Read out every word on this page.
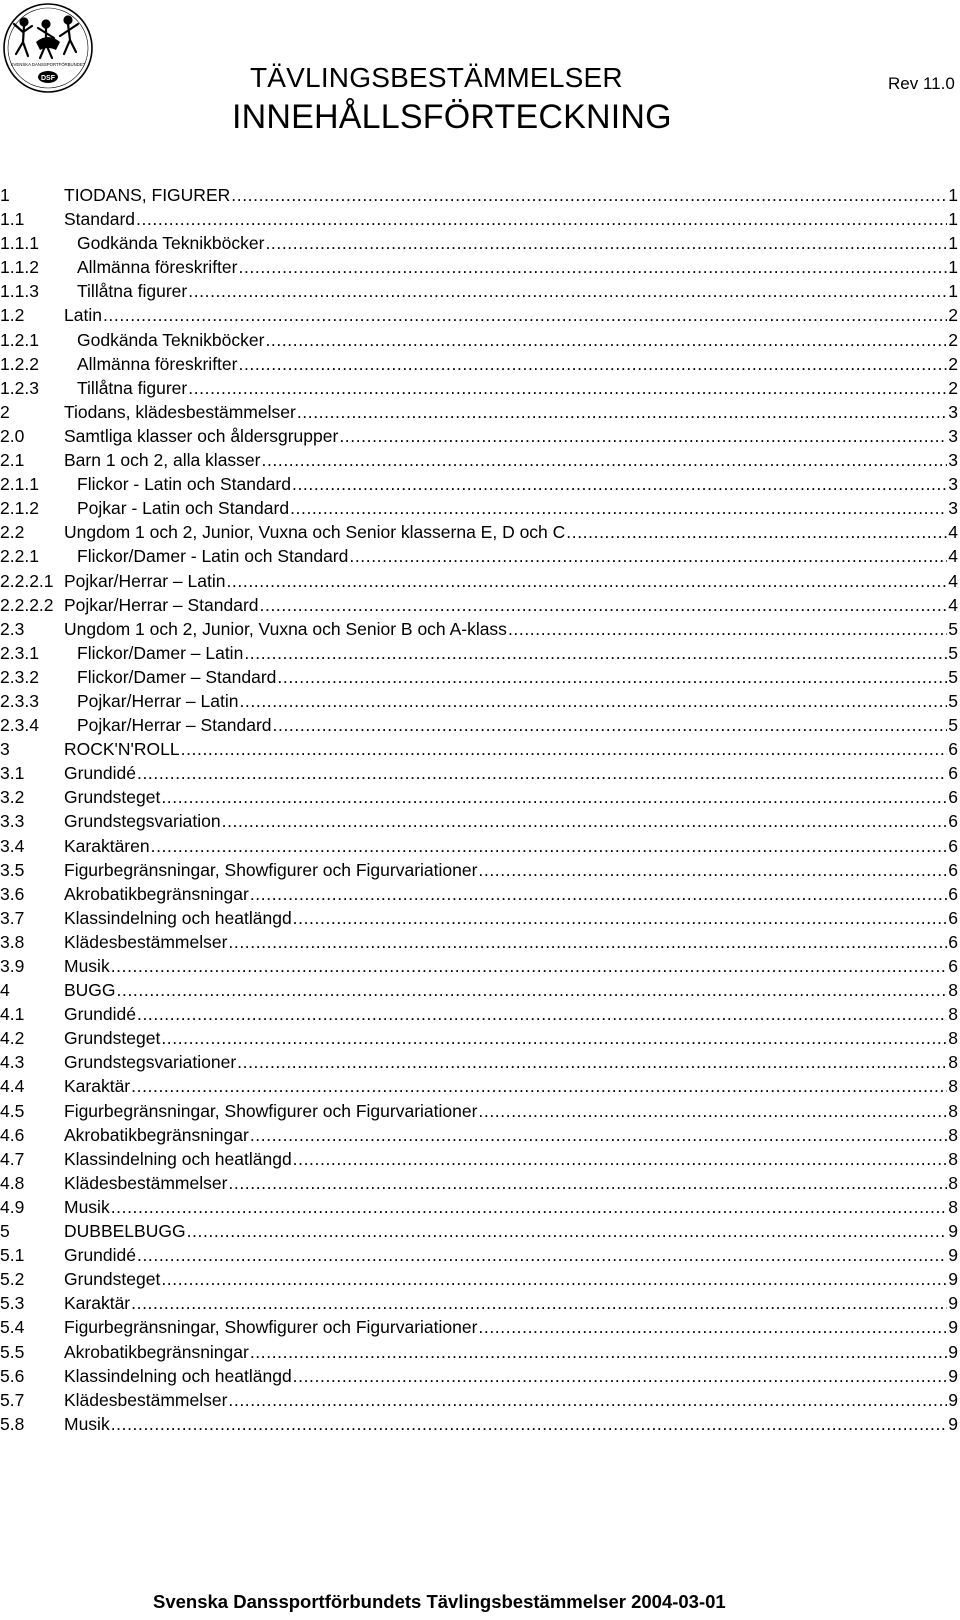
SVENSKA DANSSPORTFÖRBUNDET
DSF	TÄVLINGSBESTÄMMELSER	Rev 11.0
INNEHÅLLSFÖRTECKNING
1	TIODANS, FIGURER .....	1
1.1	Standard .....	1
1.1.1	Godkända Teknikböcker .....	1
1.1.2	Allmänna föreskrifter .....	1
1.1.3	Tillåtna figurer .....	1
1.2	Latin .....	2
1.2.1	Godkända Teknikböcker .....	2
1.2.2	Allmänna föreskrifter .....	2
1.2.3	Tillåtna figurer .....	2
2	Tiodans, klädesbestämmelser .....	3
2.0	Samtliga klasser och åldersgrupper .....	3
2.1	Barn 1 och 2, alla klasser .....	3
2.1.1	Flickor - Latin och Standard .....	3
2.1.2	Pojkar - Latin och Standard .....	3
2.2	Ungdom 1 och 2, Junior, Vuxna och Senior klasserna E, D och C .....	4
2.2.1	Flickor/Damer - Latin och Standard .....	4
2.2.2.1 Pojkar/Herrar – Latin .....	4
2.2.2.2 Pojkar/Herrar – Standard .....	4
2.3	Ungdom 1 och 2, Junior, Vuxna och Senior B och A-klass .....	5
2.3.1	Flickor/Damer – Latin .....	5
2.3.2	Flickor/Damer – Standard .....	5
2.3.3	Pojkar/Herrar – Latin .....	5
2.3.4	Pojkar/Herrar – Standard .....	5
3	ROCK'N'ROLL .....	6
3.1	Grundidé .....	6
3.2	Grundsteget .....	6
3.3	Grundstegsvariation .....	6
3.4	Karaktären .....	6
3.5	Figurbegränsningar, Showfigurer och Figurvariationer .....	6
3.6	Akrobatikbegränsningar .....	6
3.7	Klassindelning och heatlängd .....	6
3.8	Klädesbestämmelser .....	6
3.9	Musik .....	6
4	BUGG .....	8
4.1	Grundidé .....	8
4.2	Grundsteget .....	8
4.3	Grundstegsvariationer .....	8
4.4	Karaktär .....	8
4.5	Figurbegränsningar, Showfigurer och Figurvariationer .....	8
4.6	Akrobatikbegränsningar .....	8
4.7	Klassindelning och heatlängd .....	8
4.8	Klädesbestämmelser .....	8
4.9	Musik .....	8
5	DUBBELBUGG .....	9
5.1	Grundidé .....	9
5.2	Grundsteget .....	9
5.3	Karaktär .....	9
5.4	Figurbegränsningar, Showfigurer och Figurvariationer .....	9
5.5	Akrobatikbegränsningar .....	9
5.6	Klassindelning och heatlängd .....	9
5.7	Klädesbestämmelser .....	9
5.8	Musik .....	9
Svenska Danssportförbundets Tävlingsbestämmelser 2004-03-01
